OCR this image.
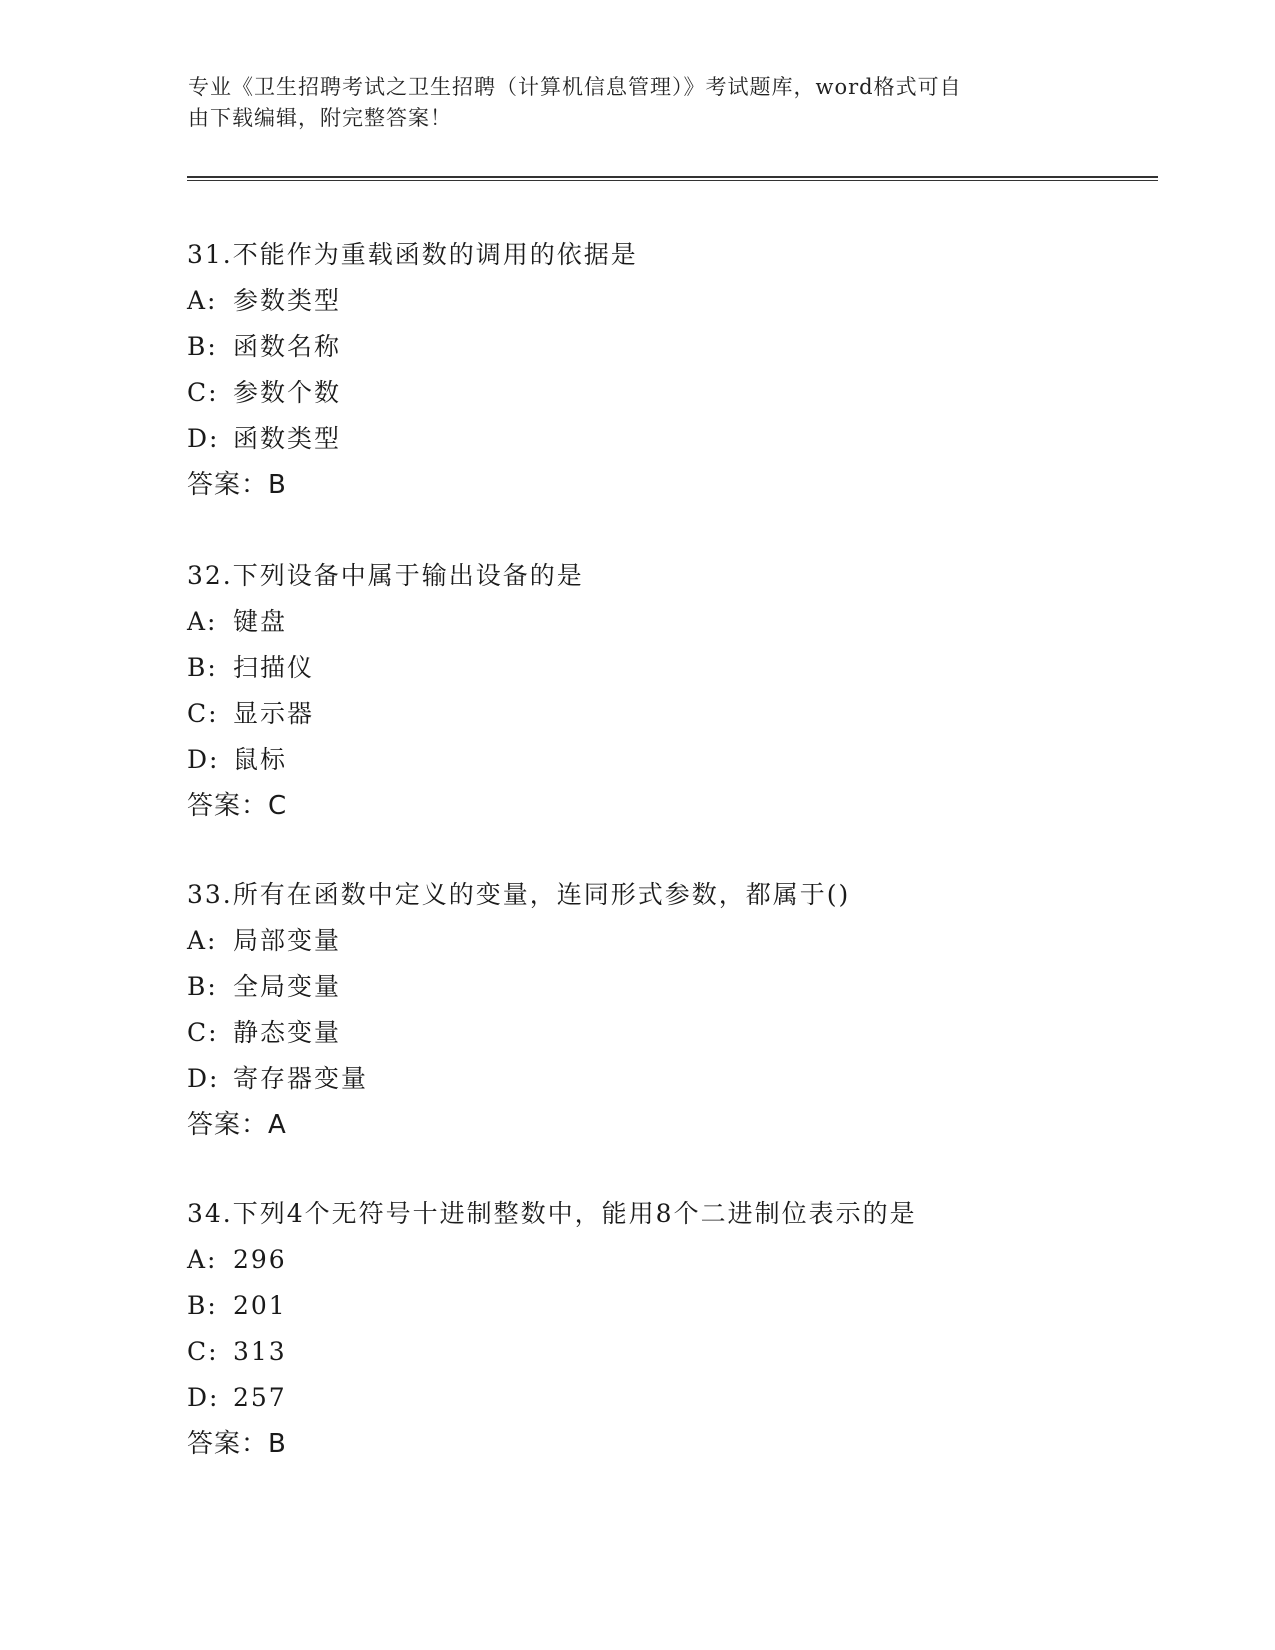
专业《卫生招聘考试之卫生招聘（计算机信息管理）》考试题库，word格式可自
由下载编辑，附完整答案！
31.不能作为重载函数的调用的依据是
A: 参数类型
B: 函数名称
C: 参数个数
D: 函数类型
答案：B
32.下列设备中属于输出设备的是
A: 键盘
B: 扫描仪
C: 显示器
D: 鼠标
答案：C
33.所有在函数中定义的变量，连同形式参数，都属于()
A: 局部变量
B: 全局变量
C: 静态变量
D: 寄存器变量
答案：A
34.下列4个无符号十进制整数中，能用8个二进制位表示的是
A: 296
B: 201
C: 313
D: 257
答案：B
